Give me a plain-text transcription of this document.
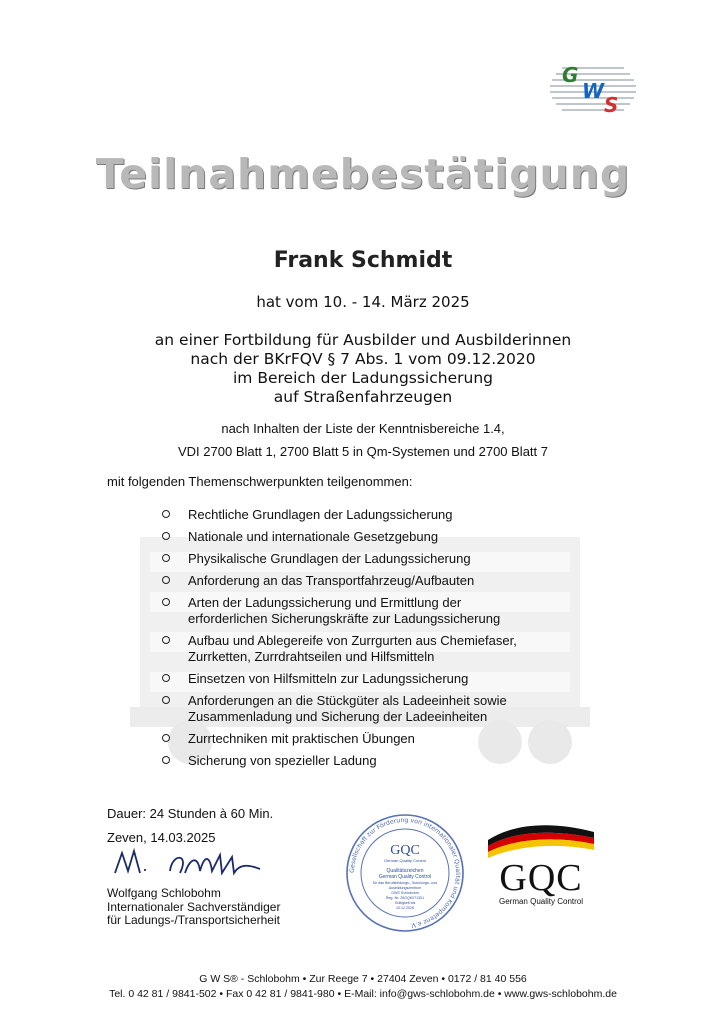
G
W
S
Teilnahmebestätigung
Frank Schmidt
hat vom 10. - 14. März 2025
an einer Fortbildung für Ausbilder und Ausbilderinnen
nach der BKrFQV § 7 Abs. 1 vom 09.12.2020
im Bereich der Ladungssicherung
auf Straßenfahrzeugen
nach Inhalten der Liste der Kenntnisbereiche 1.4,
VDI 2700 Blatt 1, 2700 Blatt 5 in Qm-Systemen und 2700 Blatt 7
mit folgenden Themenschwerpunkten teilgenommen:
Rechtliche Grundlagen der Ladungssicherung
Nationale und internationale Gesetzgebung
Physikalische Grundlagen der Ladungssicherung
Anforderung an das Transportfahrzeug/Aufbauten
Arten der Ladungssicherung und Ermittlung der
erforderlichen Sicherungskräfte zur Ladungssicherung
Aufbau und Ablegereife von Zurrgurten aus Chemiefaser,
Zurrketten, Zurrdrahtseilen und Hilfsmitteln
Einsetzen von Hilfsmitteln zur Ladungssicherung
Anforderungen an die Stückgüter als Ladeeinheit sowie
Zusammenladung und Sicherung der Ladeeinheiten
Zurrtechniken mit praktischen Übungen
Sicherung von spezieller Ladung
Dauer: 24 Stunden à 60 Min.
Zeven, 14.03.2025
Wolfgang Schlobohm
Internationaler Sachverständiger
für Ladungs-/Transportsicherheit
Gesellschaft zur Förderung von internationaler Qualität und Kompetenz e.V.
GQC
German Quality Control
Qualitätszeichen
German Quality Control
für das Berufsbildungs-, Schulungs- und
Ausbildungszentrum
GWS Schlobohm
Reg.-Nr. 25GQK071301
Gültigkeit bis
10.12.2026
GQC
German Quality Control
G W S® - Schlobohm • Zur Reege 7 • 27404 Zeven • 0172 / 81 40 556
Tel. 0 42 81 / 9841-502 • Fax 0 42 81 / 9841-980 • E-Mail: info@gws-schlobohm.de • www.gws-schlobohm.de
